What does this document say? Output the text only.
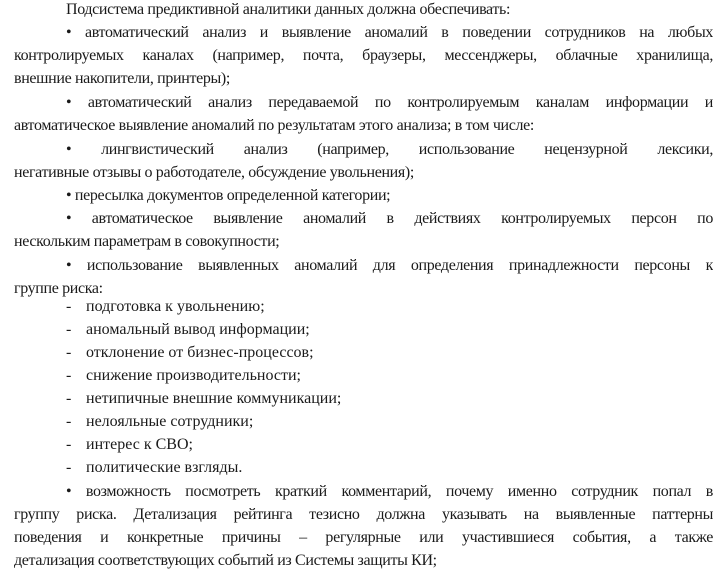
Подсистема предиктивной аналитики данных должна обеспечивать:
• автоматический анализ и выявление аномалий в поведении сотрудников на любых
контролируемых каналах (например, почта, браузеры, мессенджеры, облачные хранилища,
внешние накопители, принтеры);
• автоматический анализ передаваемой по контролируемым каналам информации и
автоматическое выявление аномалий по результатам этого анализа; в том числе:
• лингвистический анализ (например, использование нецензурной лексики,
негативные отзывы о работодателе, обсуждение увольнения);
• пересылка документов определенной категории;
• автоматическое выявление аномалий в действиях контролируемых персон по
нескольким параметрам в совокупности;
• использование выявленных аномалий для определения принадлежности персоны к
группе риска:
- подготовка к увольнению;
- аномальный вывод информации;
- отклонение от бизнес-процессов;
- снижение производительности;
- нетипичные внешние коммуникации;
- нелояльные сотрудники;
- интерес к СВО;
- политические взгляды.
• возможность посмотреть краткий комментарий, почему именно сотрудник попал в
группу риска. Детализация рейтинга тезисно должна указывать на выявленные паттерны
поведения и конкретные причины – регулярные или участившиеся события, а также
детализация соответствующих событий из Системы защиты КИ;
